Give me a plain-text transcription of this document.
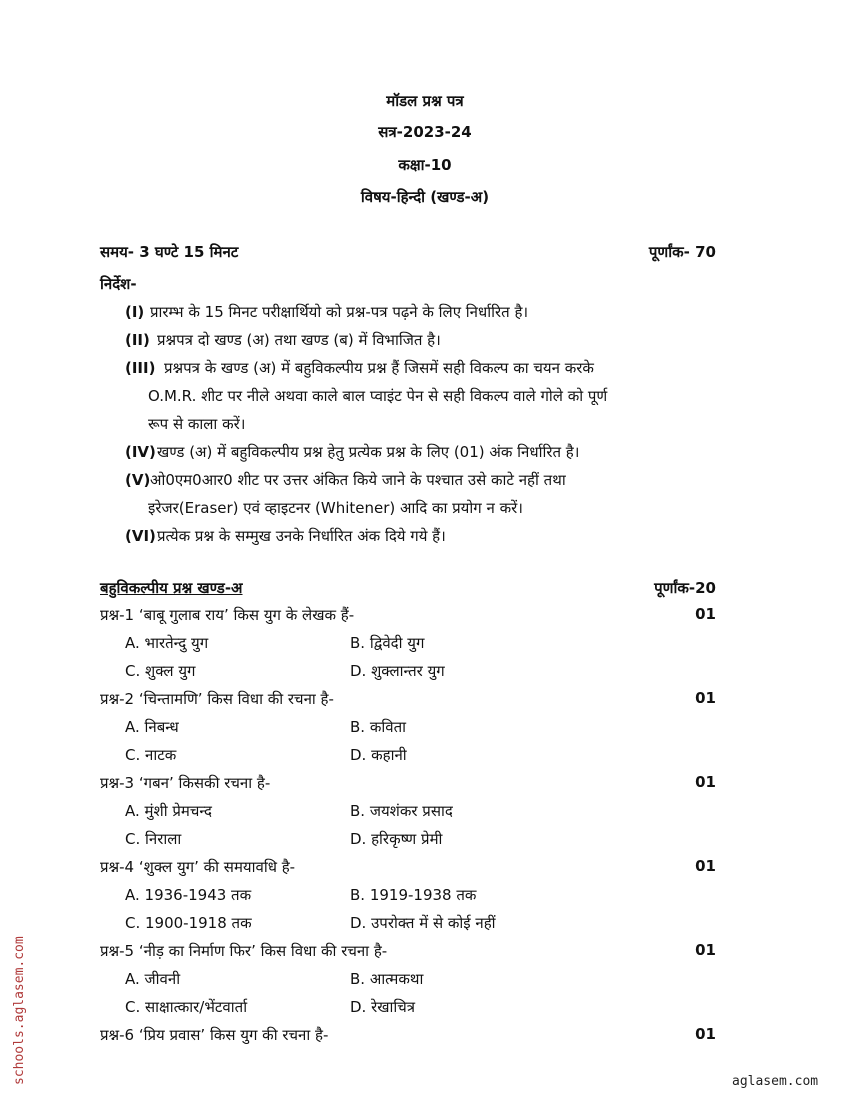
मॉडल प्रश्न पत्र
सत्र-2023-24
कक्षा-10
विषय-हिन्दी (खण्ड-अ)
समय- 3 घण्टे 15 मिनट	पूर्णांक- 70
निर्देश-
(I) प्रारम्भ के 15 मिनट परीक्षार्थियो को प्रश्न-पत्र पढ़ने के लिए निर्धारित है।
(II) प्रश्नपत्र दो खण्ड (अ) तथा खण्ड (ब) में विभाजित है।
(III) प्रश्नपत्र के खण्ड (अ) में बहुविकल्पीय प्रश्न हैं जिसमें सही विकल्प का चयन करके
O.M.R. शीट पर नीले अथवा काले बाल प्वाइंट पेन से सही विकल्प वाले गोले को पूर्ण
रूप से काला करें।
(IV) खण्ड (अ) में बहुविकल्पीय प्रश्न हेतु प्रत्येक प्रश्न के लिए (01) अंक निर्धारित है।
(V) ओ0एम0आर0 शीट पर उत्तर अंकित किये जाने के पश्चात उसे काटे नहीं तथा
इरेजर(Eraser) एवं व्हाइटनर (Whitener) आदि का प्रयोग न करें।
(VI) प्रत्येक प्रश्न के सम्मुख उनके निर्धारित अंक दिये गये हैं।
बहुविकल्पीय प्रश्न खण्ड-अ	पूर्णांक-20
प्रश्न-1 ‘बाबू गुलाब राय’ किस युग के लेखक हैं-	01
A. भारतेन्दु युग	B. द्विवेदी युग
C. शुक्ल युग	D. शुक्लान्तर युग
प्रश्न-2 ‘चिन्तामणि’ किस विधा की रचना है-	01
A. निबन्ध	B. कविता
C. नाटक	D. कहानी
प्रश्न-3 ‘गबन’ किसकी रचना है-	01
A. मुंशी प्रेमचन्द	B. जयशंकर प्रसाद
C. निराला	D. हरिकृष्ण प्रेमी
प्रश्न-4 ‘शुक्ल युग’ की समयावधि है-	01
A. 1936-1943 तक	B. 1919-1938 तक
C. 1900-1918 तक	D. उपरोक्त में से कोई नहीं
प्रश्न-5 ‘नीड़ का निर्माण फिर’ किस विधा की रचना है-	01
A. जीवनी	B. आत्मकथा
C. साक्षात्कार/भेंटवार्ता	D. रेखाचित्र
प्रश्न-6 ‘प्रिय प्रवास’ किस युग की रचना है-	01
schools.aglasem.com	aglasem.com
